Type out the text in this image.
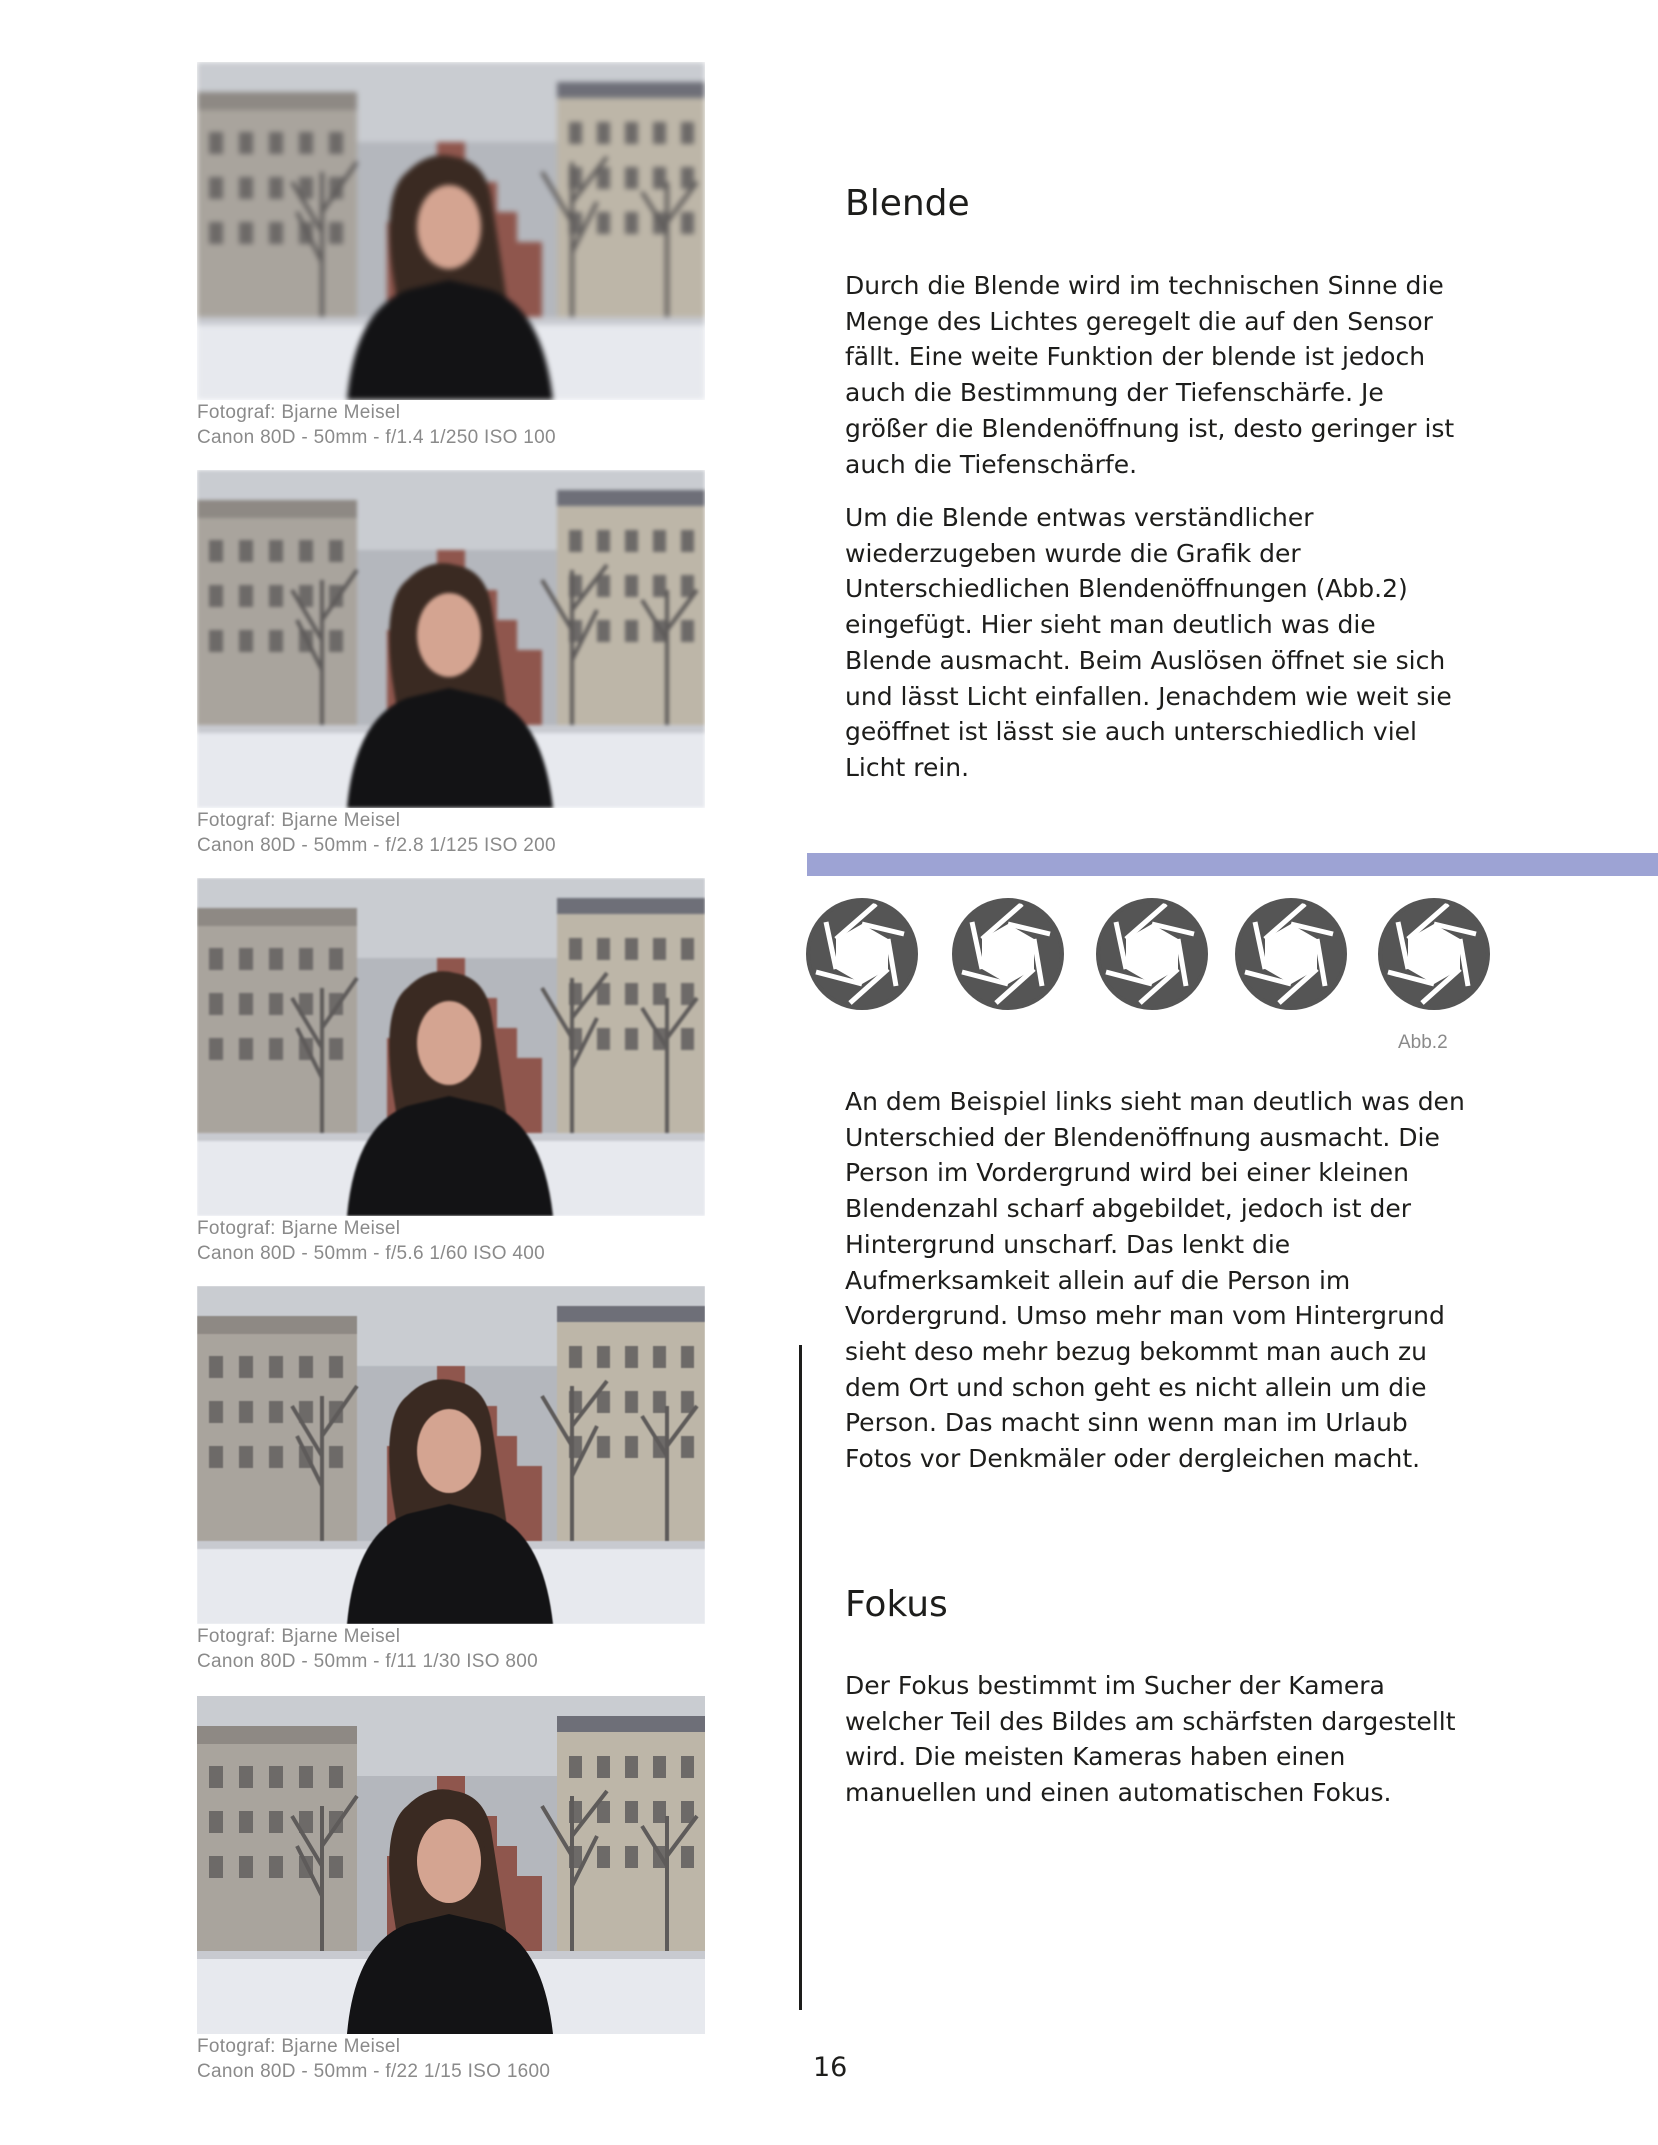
Fotograf: Bjarne Meisel
Canon 80D - 50mm - f/1.4 1/250 ISO 100
Fotograf: Bjarne Meisel
Canon 80D - 50mm - f/2.8 1/125 ISO 200
Fotograf: Bjarne Meisel
Canon 80D - 50mm - f/5.6 1/60 ISO 400
Fotograf: Bjarne Meisel
Canon 80D - 50mm - f/11 1/30 ISO 800
Fotograf: Bjarne Meisel
Canon 80D - 50mm - f/22 1/15 ISO 1600
Blende

Durch die Blende wird im technischen Sinne die Menge des Lichtes geregelt die auf den Sensor fällt. Eine weite Funktion der blende ist jedoch auch die Bestimmung der Tiefenschärfe. Je größer die Blendenöffnung ist, desto geringer ist auch die Tiefenschärfe.

Um die Blende entwas verständlicher wiederzugeben wurde die Grafik der Unterschiedlichen Blendenöffnungen (Abb.2) eingefügt. Hier sieht man deutlich was die Blende ausmacht. Beim Auslösen öffnet sie sich und lässt Licht einfallen. Jenachdem wie weit sie geöffnet ist lässt sie auch unterschiedlich viel Licht rein.

Abb.2

An dem Beispiel links sieht man deutlich was den Unterschied der Blendenöffnung ausmacht. Die Person im Vordergrund wird bei einer kleinen Blendenzahl scharf abgebildet, jedoch ist der Hintergrund unscharf. Das lenkt die Aufmerksamkeit allein auf die Person im Vordergrund. Umso mehr man vom Hintergrund sieht deso mehr bezug bekommt man auch zu dem Ort und schon geht es nicht allein um die Person. Das macht sinn wenn man im Urlaub Fotos vor Denkmäler oder dergleichen macht.

Fokus

Der Fokus bestimmt im Sucher der Kamera welcher Teil des Bildes am schärfsten dargestellt wird. Die meisten Kameras haben einen manuellen und einen automatischen Fokus.

16
